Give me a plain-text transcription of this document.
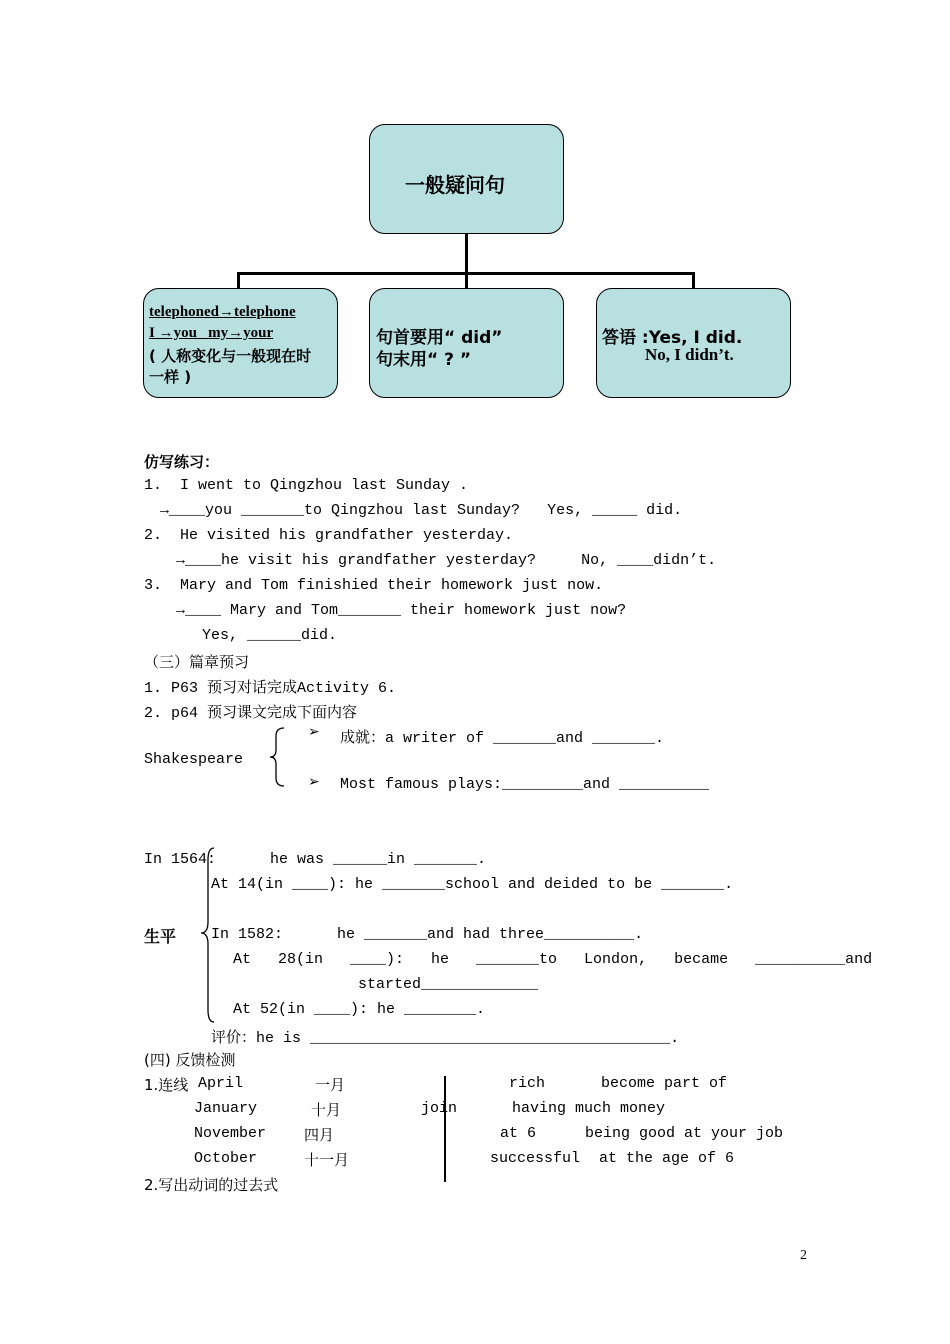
一般疑问句
telephoned→telephone
I →you   my→your
( 人称变化与一般现在时
一样 )
句首要用“ did”
句末用“ ? ”
答语 :Yes, I did.
No, I didn’t.
仿写练习：
1.  I went to Qingzhou last Sunday .
→____you _______to Qingzhou last Sunday?   Yes, _____ did.
2.  He visited his grandfather yesterday.
→____he visit his grandfather yesterday?     No, ____didn’t.
3.  Mary and Tom finishied their homework just now.
→____ Mary and Tom_______ their homework just now?
Yes, ______did.
（三）篇章预习
1. P63 预习对话完成Activity 6.
2. p64 预习课文完成下面内容
Shakespeare
➢ 成就：a writer of _______and _______.
➢ Most famous plays:_________and __________
In 1564:      he was ______in _______.
At 14(in ____): he _______school and deided to be _______.
生平 In 1582:      he _______and had three__________.
At   28(in   ____):   he   _______to   London,   became   __________and
started_____________
At 52(in ____): he ________.
评价：he is ________________________________________.
(四) 反馈检测
1.连线 April
January
November
October
一月
十月
四月
十一月
join
rich
having much money
at 6
successful
become part of
being good at your job
at the age of 6
2.写出动词的过去式
2
